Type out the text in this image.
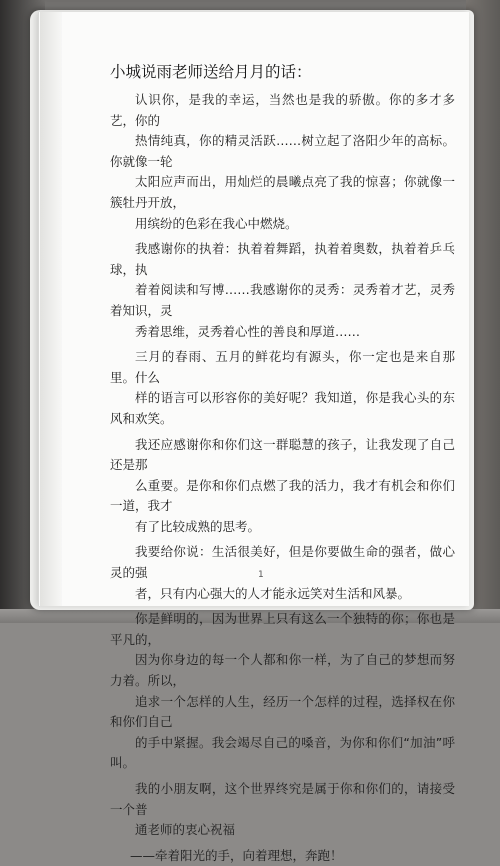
小城说雨老师送给月月的话：

认识你，是我的幸运，当然也是我的骄傲。你的多才多艺，你的
热情纯真，你的精灵活跃……树立起了洛阳少年的高标。你就像一轮
太阳应声而出，用灿烂的晨曦点亮了我的惊喜；你就像一簇牡丹开放，
用缤纷的色彩在我心中燃烧。

我感谢你的执着：执着着舞蹈，执着着奥数，执着着乒乓球，执
着着阅读和写博……我感谢你的灵秀：灵秀着才艺，灵秀着知识，灵
秀着思维，灵秀着心性的善良和厚道……

三月的春雨、五月的鲜花均有源头，你一定也是来自那里。什么
样的语言可以形容你的美好呢？我知道，你是我心头的东风和欢笑。

我还应感谢你和你们这一群聪慧的孩子，让我发现了自己还是那
么重要。是你和你们点燃了我的活力，我才有机会和你们一道，我才
有了比较成熟的思考。

我要给你说：生活很美好，但是你要做生命的强者，做心灵的强
者，只有内心强大的人才能永远笑对生活和风暴。

你是鲜明的，因为世界上只有这么一个独特的你；你也是平凡的，
因为你身边的每一个人都和你一样，为了自己的梦想而努力着。所以，
追求一个怎样的人生，经历一个怎样的过程，选择权在你和你们自己
的手中紧握。我会竭尽自己的嗓音，为你和你们“加油”呼叫。

我的小朋友啊，这个世界终究是属于你和你们的，请接受一个普
通老师的衷心祝福

——牵着阳光的手，向着理想，奔跑！

1
